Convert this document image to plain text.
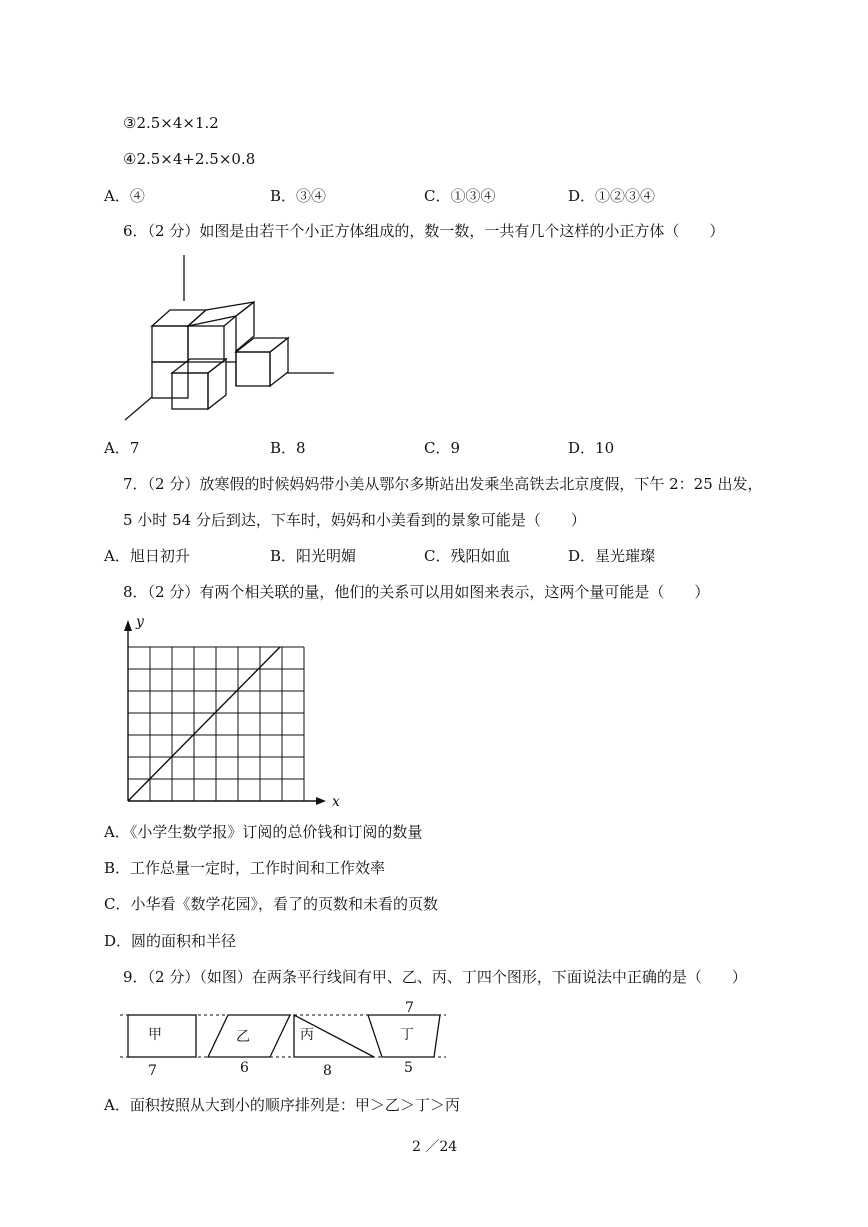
③2.5×4×1.2
④2.5×4+2.5×0.8
A．④	B．③④	C．①③④	D．①②③④
6．（2 分）如图是由若干个小正方体组成的，数一数，一共有几个这样的小正方体（　　）
A．7	B．8	C．9	D．10
7．（2 分）放寒假的时候妈妈带小美从鄂尔多斯站出发乘坐高铁去北京度假，下午 2：25 出发，
5 小时 54 分后到达，下车时，妈妈和小美看到的景象可能是（　　）
A．旭日初升	B．阳光明媚	C．残阳如血	D．星光璀璨
8．（2 分）有两个相关联的量，他们的关系可以用如图来表示，这两个量可能是（　　）
x
y
A．《小学生数学报》订阅的总价钱和订阅的数量
B．工作总量一定时，工作时间和工作效率
C．小华看《数学花园》，看了的页数和未看的页数
D．圆的面积和半径
9．（2 分）（如图）在两条平行线间有甲、乙、丙、丁四个图形，下面说法中正确的是（　　）
甲	乙	丙	丁
7	6	8
7
5
A．面积按照从大到小的顺序排列是：甲＞乙＞丁＞丙
2 ／24
